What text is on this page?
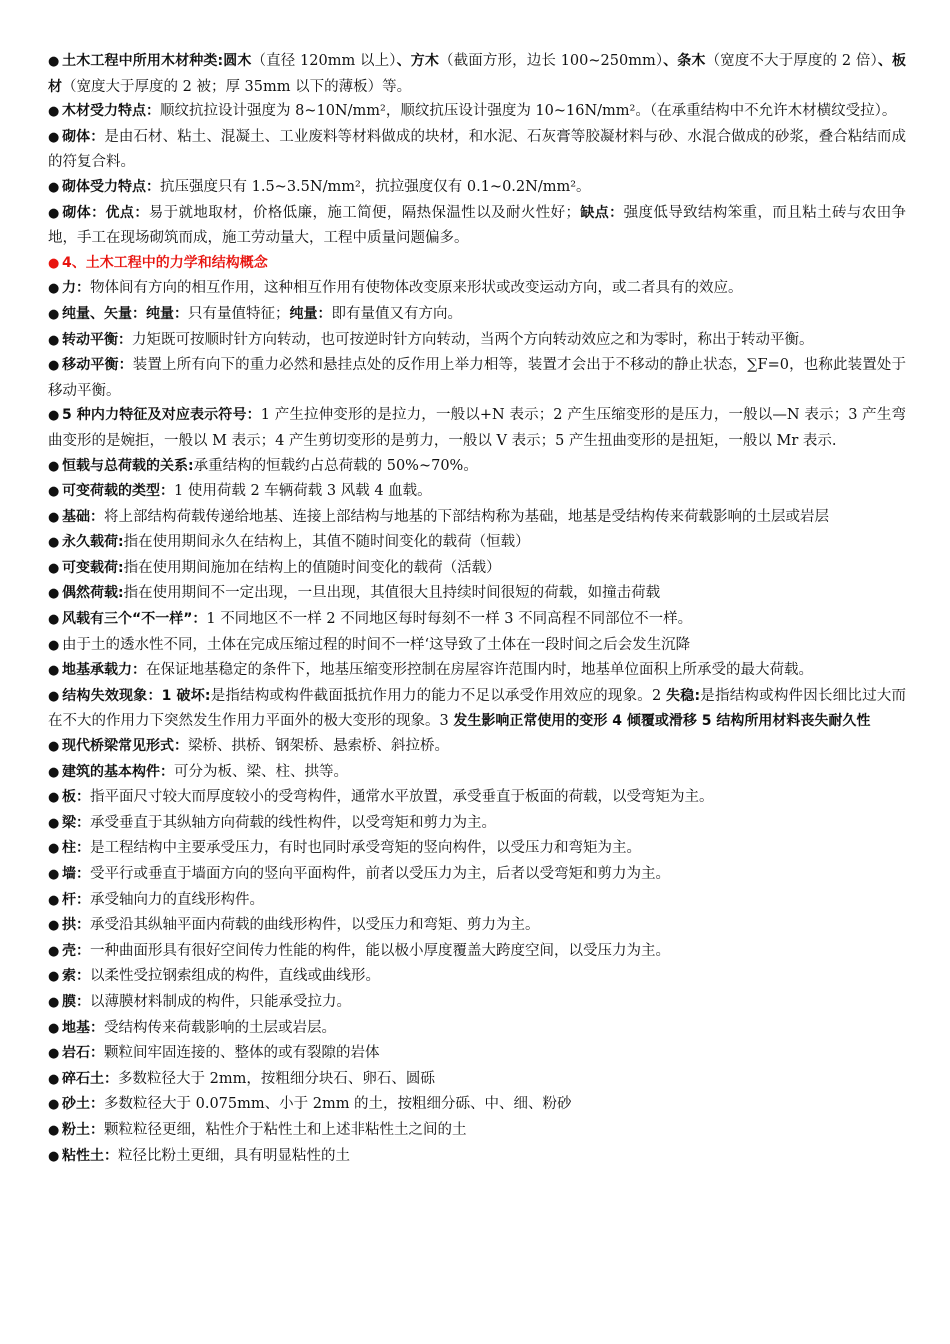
● 土木工程中所用木材种类:圆木（直径 120mm 以上）、方木（截面方形，边长 100~250mm）、条木（宽度不大于厚度的 2 倍）、板材（宽度大于厚度的 2 被；厚 35mm 以下的薄板）等。

● 木材受力特点：顺纹抗拉设计强度为 8~10N/mm²，顺纹抗压设计强度为 10~16N/mm²。（在承重结构中不允许木材横纹受拉）。

● 砌体：是由石材、粘土、混凝土、工业废料等材料做成的块材，和水泥、石灰膏等胶凝材料与砂、水混合做成的砂浆，叠合粘结而成的符复合料。

● 砌体受力特点：抗压强度只有 1.5~3.5N/mm²，抗拉强度仅有 0.1~0.2N/mm²。

● 砌体：优点：易于就地取材，价格低廉，施工简便，隔热保温性以及耐火性好；缺点：强度低导致结构笨重，而且粘土砖与农田争地，手工在现场砌筑而成，施工劳动量大，工程中质量问题偏多。

● 4、土木工程中的力学和结构概念

● 力：物体间有方向的相互作用，这种相互作用有使物体改变原来形状或改变运动方向，或二者具有的效应。

● 纯量、矢量：纯量：只有量值特征；纯量：即有量值又有方向。

● 转动平衡：力矩既可按顺时针方向转动，也可按逆时针方向转动，当两个方向转动效应之和为零时，称出于转动平衡。

● 移动平衡：装置上所有向下的重力必然和悬挂点处的反作用上举力相等，装置才会出于不移动的静止状态，∑F=0，也称此装置处于移动平衡。

● 5 种内力特征及对应表示符号：1 产生拉伸变形的是拉力，一般以+N 表示；2 产生压缩变形的是压力，一般以—N 表示；3 产生弯曲变形的是婉拒，一般以 M 表示；4 产生剪切变形的是剪力，一般以 V 表示；5 产生扭曲变形的是扭矩，一般以 Mr 表示.

● 恒载与总荷载的关系:承重结构的恒载约占总荷载的 50%~70%。

● 可变荷载的类型：1 使用荷载 2 车辆荷载 3 风载 4 血载。

● 基础：将上部结构荷载传递给地基、连接上部结构与地基的下部结构称为基础，地基是受结构传来荷载影响的土层或岩层

● 永久载荷:指在使用期间永久在结构上，其值不随时间变化的载荷（恒载）

● 可变载荷:指在使用期间施加在结构上的值随时间变化的载荷（活载）

● 偶然荷载:指在使用期间不一定出现，一旦出现，其值很大且持续时间很短的荷载，如撞击荷载

● 风载有三个“不一样”：1 不同地区不一样 2 不同地区每时每刻不一样 3 不同高程不同部位不一样。

● 由于土的透水性不同，土体在完成压缩过程的时间不一样‘这导致了土体在一段时间之后会发生沉降

● 地基承载力：在保证地基稳定的条件下，地基压缩变形控制在房屋容许范围内时，地基单位面积上所承受的最大荷载。

● 结构失效现象：1 破坏:是指结构或构件截面抵抗作用力的能力不足以承受作用效应的现象。2 失稳:是指结构或构件因长细比过大而在不大的作用力下突然发生作用力平面外的极大变形的现象。3 发生影响正常使用的变形 4 倾覆或滑移 5 结构所用材料丧失耐久性

● 现代桥梁常见形式：梁桥、拱桥、钢架桥、悬索桥、斜拉桥。

● 建筑的基本构件：可分为板、梁、柱、拱等。

● 板：指平面尺寸较大而厚度较小的受弯构件，通常水平放置，承受垂直于板面的荷载，以受弯矩为主。

● 梁：承受垂直于其纵轴方向荷载的线性构件，以受弯矩和剪力为主。

● 柱：是工程结构中主要承受压力，有时也同时承受弯矩的竖向构件，以受压力和弯矩为主。

● 墙：受平行或垂直于墙面方向的竖向平面构件，前者以受压力为主，后者以受弯矩和剪力为主。

● 杆：承受轴向力的直线形构件。

● 拱：承受沿其纵轴平面内荷载的曲线形构件，以受压力和弯矩、剪力为主。

● 壳：一种曲面形具有很好空间传力性能的构件，能以极小厚度覆盖大跨度空间，以受压力为主。

● 索：以柔性受拉钢索组成的构件，直线或曲线形。

● 膜：以薄膜材料制成的构件，只能承受拉力。

● 地基：受结构传来荷载影响的土层或岩层。

● 岩石：颗粒间牢固连接的、整体的或有裂隙的岩体

● 碎石土：多数粒径大于 2mm，按粗细分块石、卵石、圆砾

● 砂土：多数粒径大于 0.075mm、小于 2mm 的土，按粗细分砾、中、细、粉砂

● 粉土：颗粒粒径更细，粘性介于粘性土和上述非粘性土之间的土

● 粘性土：粒径比粉土更细，具有明显粘性的土
